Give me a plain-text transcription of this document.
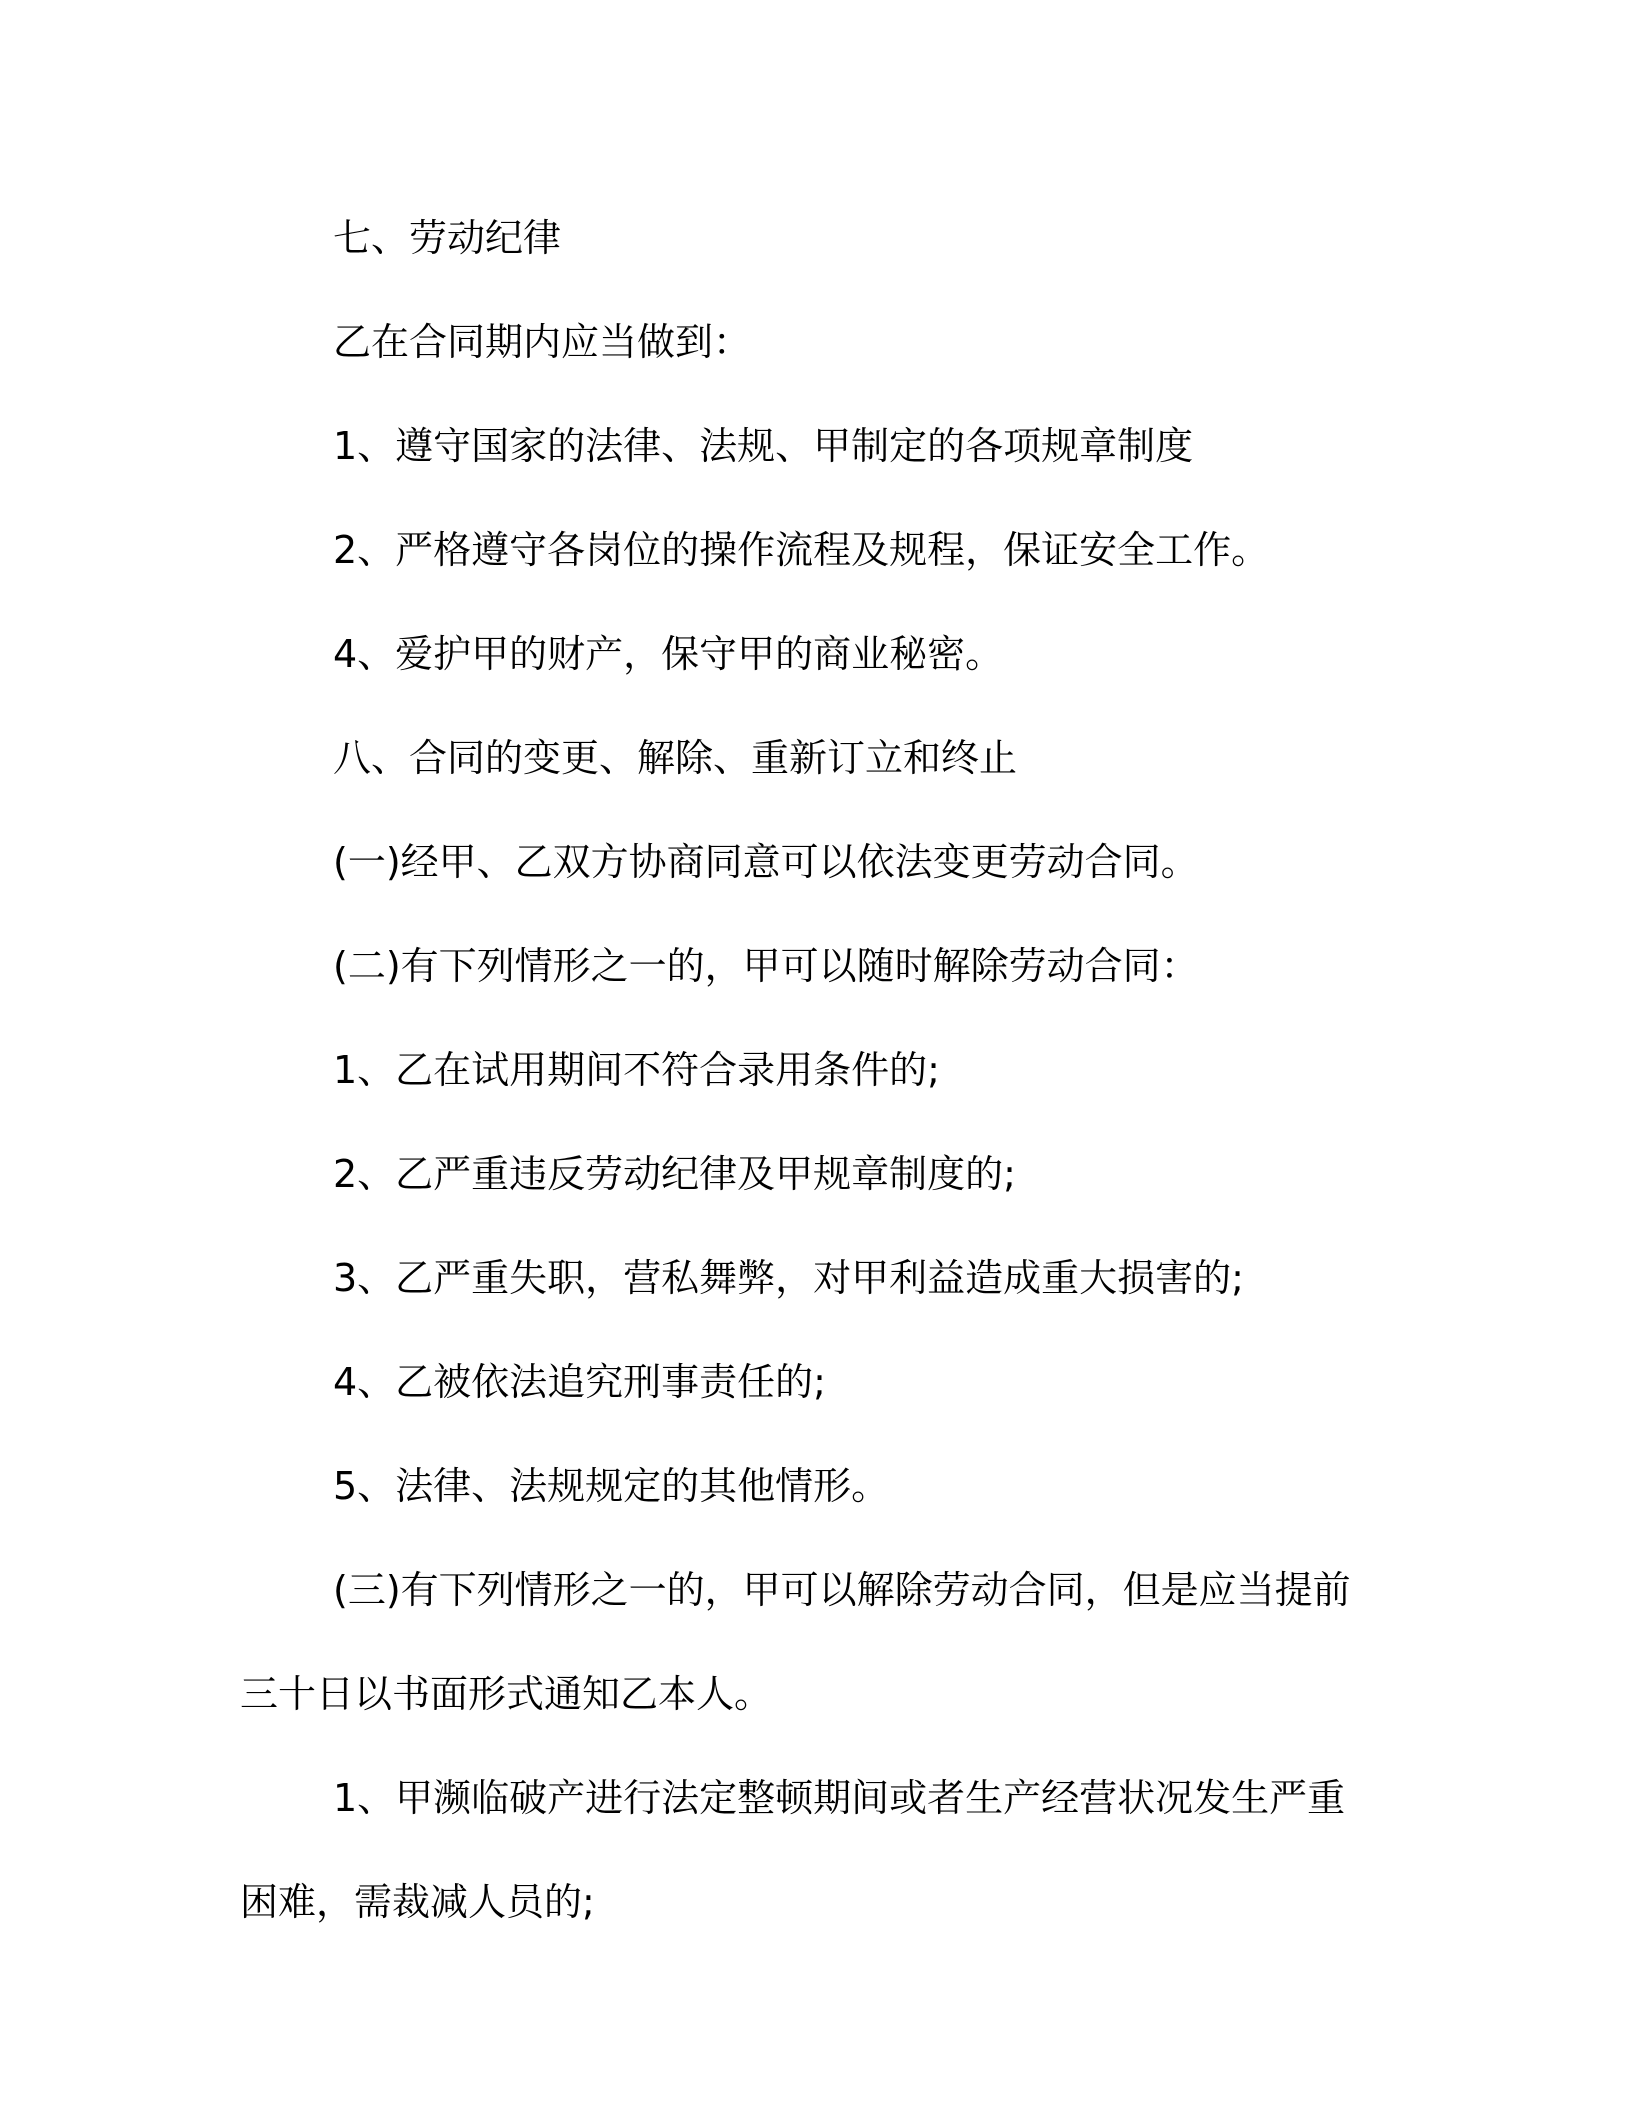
七、劳动纪律

乙在合同期内应当做到：

1、遵守国家的法律、法规、甲制定的各项规章制度

2、严格遵守各岗位的操作流程及规程，保证安全工作。

4、爱护甲的财产，保守甲的商业秘密。

八、合同的变更、解除、重新订立和终止

(一)经甲、乙双方协商同意可以依法变更劳动合同。

(二)有下列情形之一的，甲可以随时解除劳动合同：

1、乙在试用期间不符合录用条件的;

2、乙严重违反劳动纪律及甲规章制度的;

3、乙严重失职，营私舞弊，对甲利益造成重大损害的;

4、乙被依法追究刑事责任的;

5、法律、法规规定的其他情形。

(三)有下列情形之一的，甲可以解除劳动合同，但是应当提前三十日以书面形式通知乙本人。

1、甲濒临破产进行法定整顿期间或者生产经营状况发生严重困难，需裁减人员的;
